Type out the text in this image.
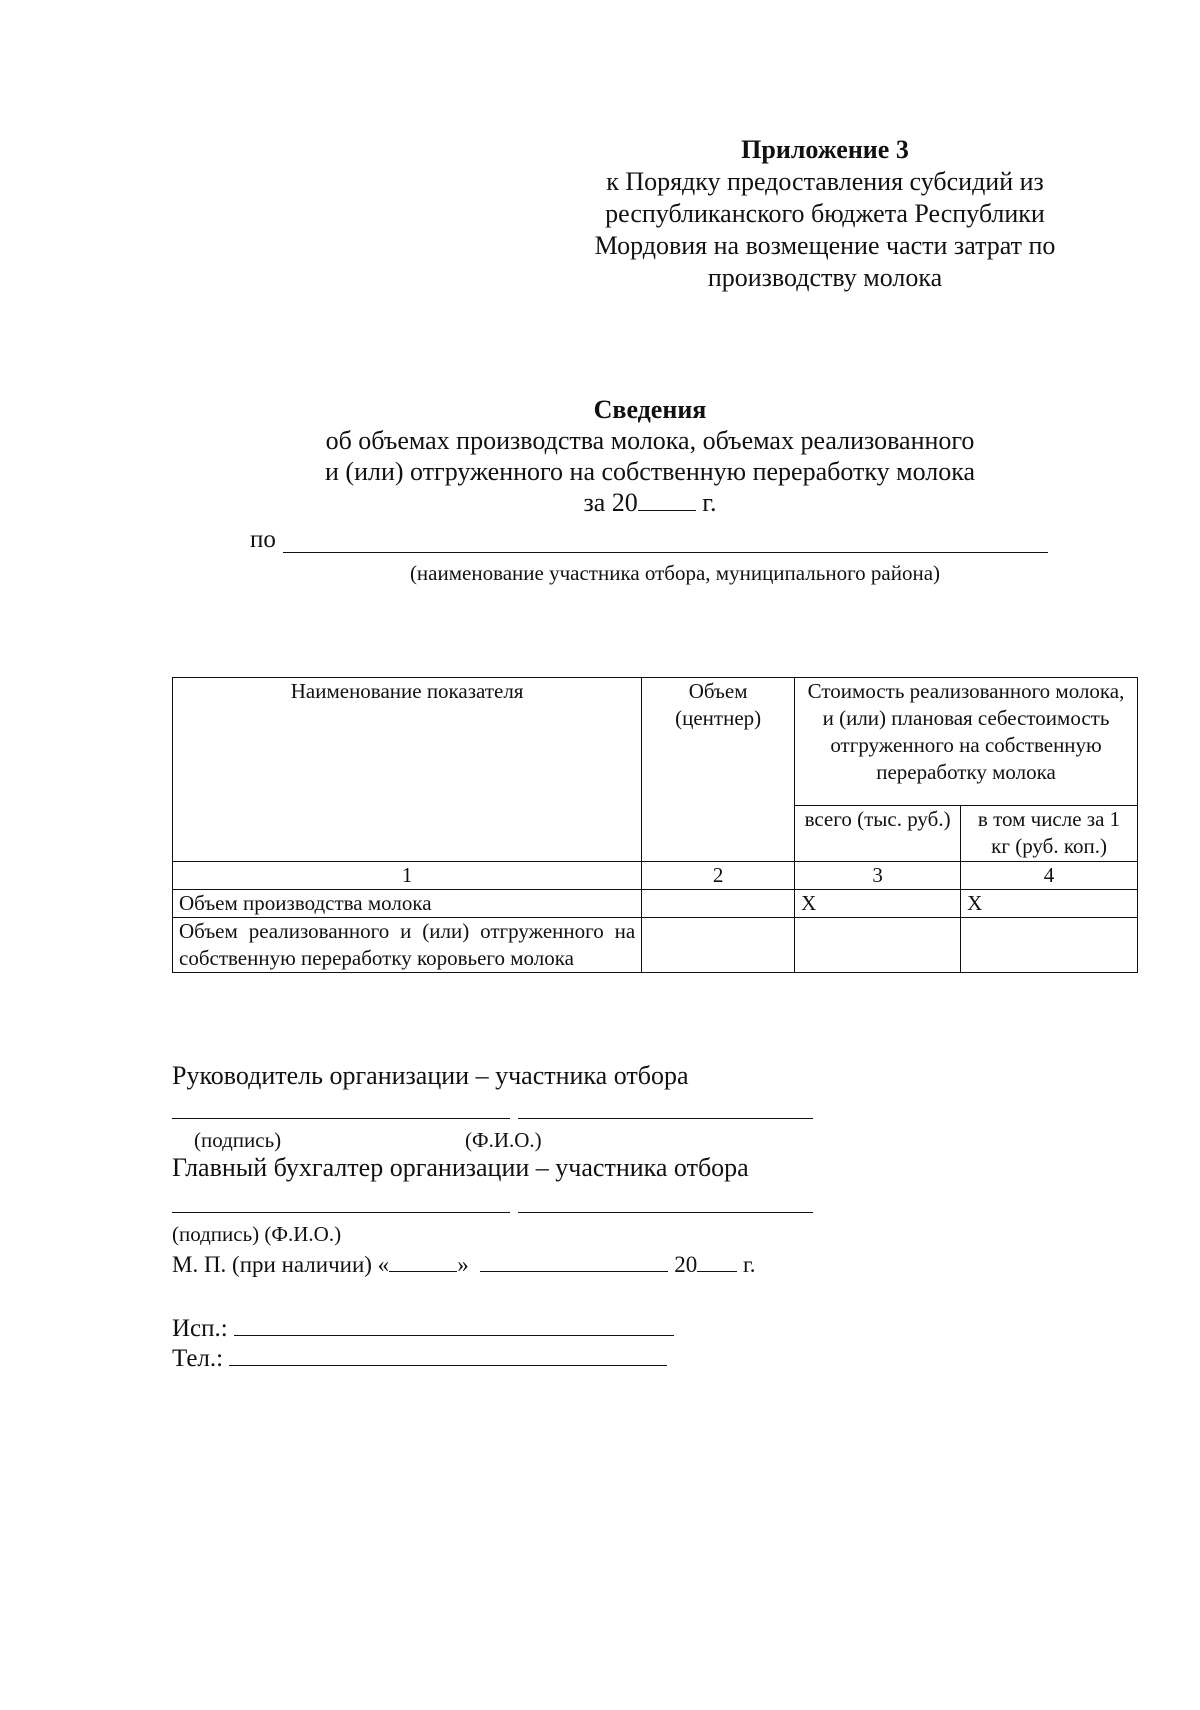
Приложение 3
к Порядку предоставления субсидий из
республиканского бюджета Республики
Мордовия на возмещение части затрат по
производству молока
Сведения
об объемах производства молока, объемах реализованного
и (или) отгруженного на собственную переработку молока
за 20 г.
по
(наименование участника отбора, муниципального района)
Наименование показателя	Объем (центнер)	Стоимость реализованного молока, и (или) плановая себестоимость отгруженного на собственную переработку молока	
		всего (тыс. руб.)	в том числе за 1 кг (руб. коп.)
1	2	3	4
Объем производства молока		Х	Х
Объем реализованного и (или) отгруженного на собственную переработку коровьего молока			
Руководитель организации – участника отбора
(подпись)	(Ф.И.О.)
Главный бухгалтер организации – участника отбора
(подпись) (Ф.И.О.)
М. П. (при наличии) «	»	20 г.
Исп.:
Тел.:
